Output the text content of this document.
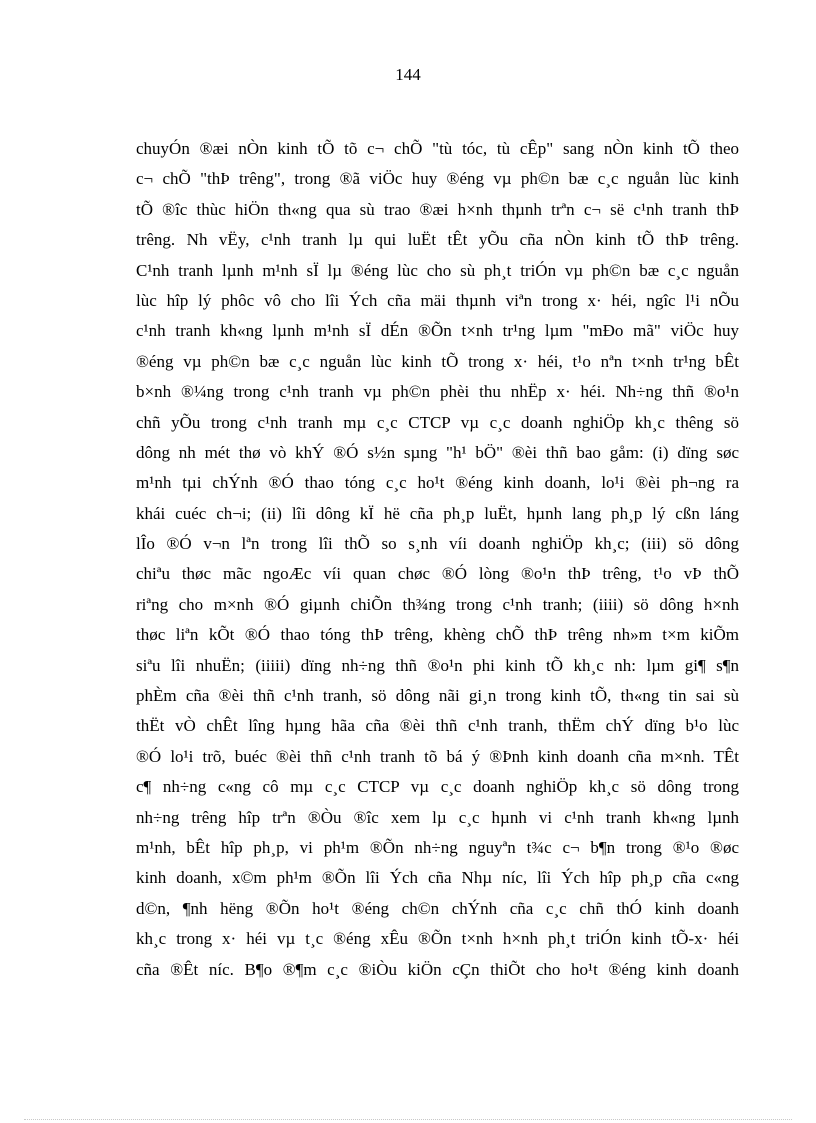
144
chuyÓn ®æi nÒn kinh tÕ tõ c¬ chÕ "tù tóc, tù cÊp" sang nÒn kinh tÕ theo
c¬ chÕ "thÞ trêng", trong ®ã viÖc huy ®éng vµ ph©n bæ c¸c nguån lùc kinh
tÕ ®îc thùc hiÖn th«ng qua sù trao ®æi h×nh thµnh trªn c¬ së c¹nh tranh thÞ
trêng. Nh vËy, c¹nh tranh lµ qui luËt tÊt yÕu cña nÒn kinh tÕ thÞ trêng.
C¹nh tranh lµnh m¹nh sÏ lµ ®éng lùc cho sù ph¸t triÓn vµ ph©n bæ c¸c nguån
lùc hîp lý phôc vô cho lîi Ých cña mäi thµnh viªn trong x· héi, ngîc l¹i nÕu
c¹nh tranh kh«ng lµnh m¹nh sÏ dÉn ®Õn t×nh tr¹ng lµm "mÐo mã" viÖc huy
®éng vµ ph©n bæ c¸c nguån lùc kinh tÕ trong x· héi, t¹o nªn t×nh tr¹ng bÊt
b×nh ®¼ng trong c¹nh tranh vµ ph©n phèi thu nhËp x· héi. Nh÷ng thñ ®o¹n
chñ yÕu trong c¹nh tranh mµ c¸c CTCP vµ c¸c doanh nghiÖp kh¸c thêng sö
dông nh mét thø vò khÝ ®Ó s½n sµng "h¹ bÖ" ®èi thñ bao gåm: (i) dïng søc
m¹nh tµi chÝnh ®Ó thao tóng c¸c ho¹t ®éng kinh doanh, lo¹i ®èi ph¬ng ra
khái cuéc ch¬i; (ii) lîi dông kÏ hë cña ph¸p luËt, hµnh lang ph¸p lý cßn láng
lÎo ®Ó v¬n lªn trong lîi thÕ so s¸nh víi doanh nghiÖp kh¸c; (iii) sö dông
chiªu thøc mãc ngoÆc víi quan chøc ®Ó lòng ®o¹n thÞ trêng, t¹o vÞ thÕ
riªng cho m×nh ®Ó giµnh chiÕn th¾ng trong c¹nh tranh; (iiii) sö dông h×nh
thøc liªn kÕt ®Ó thao tóng thÞ trêng, khèng chÕ thÞ trêng nh»m t×m kiÕm
siªu lîi nhuËn; (iiiii) dïng nh÷ng thñ ®o¹n phi kinh tÕ kh¸c nh: lµm gi¶ s¶n
phÈm cña ®èi thñ c¹nh tranh, sö dông nãi gi¸n trong kinh tÕ, th«ng tin sai sù
thËt vÒ chÊt lîng hµng hãa cña ®èi thñ c¹nh tranh, thËm chÝ dïng b¹o lùc
®Ó lo¹i trõ, buéc ®èi thñ c¹nh tranh tõ bá ý ®Þnh kinh doanh cña m×nh. TÊt
c¶ nh÷ng c«ng cô mµ c¸c CTCP vµ c¸c doanh nghiÖp kh¸c sö dông trong
nh÷ng trêng hîp trªn ®Òu ®îc xem lµ c¸c hµnh vi c¹nh tranh kh«ng lµnh
m¹nh, bÊt hîp ph¸p, vi ph¹m ®Õn nh÷ng nguyªn t¾c c¬ b¶n trong ®¹o ®øc
kinh doanh, x©m ph¹m ®Õn lîi Ých cña Nhµ níc, lîi Ých hîp ph¸p cña c«ng
d©n, ¶nh hëng ®Õn ho¹t ®éng ch©n chÝnh cña c¸c chñ thÓ kinh doanh
kh¸c trong x· héi vµ t¸c ®éng xÊu ®Õn t×nh h×nh ph¸t triÓn kinh tÕ-x· héi
cña ®Êt níc. B¶o ®¶m c¸c ®iÒu kiÖn cÇn thiÕt cho ho¹t ®éng kinh doanh
